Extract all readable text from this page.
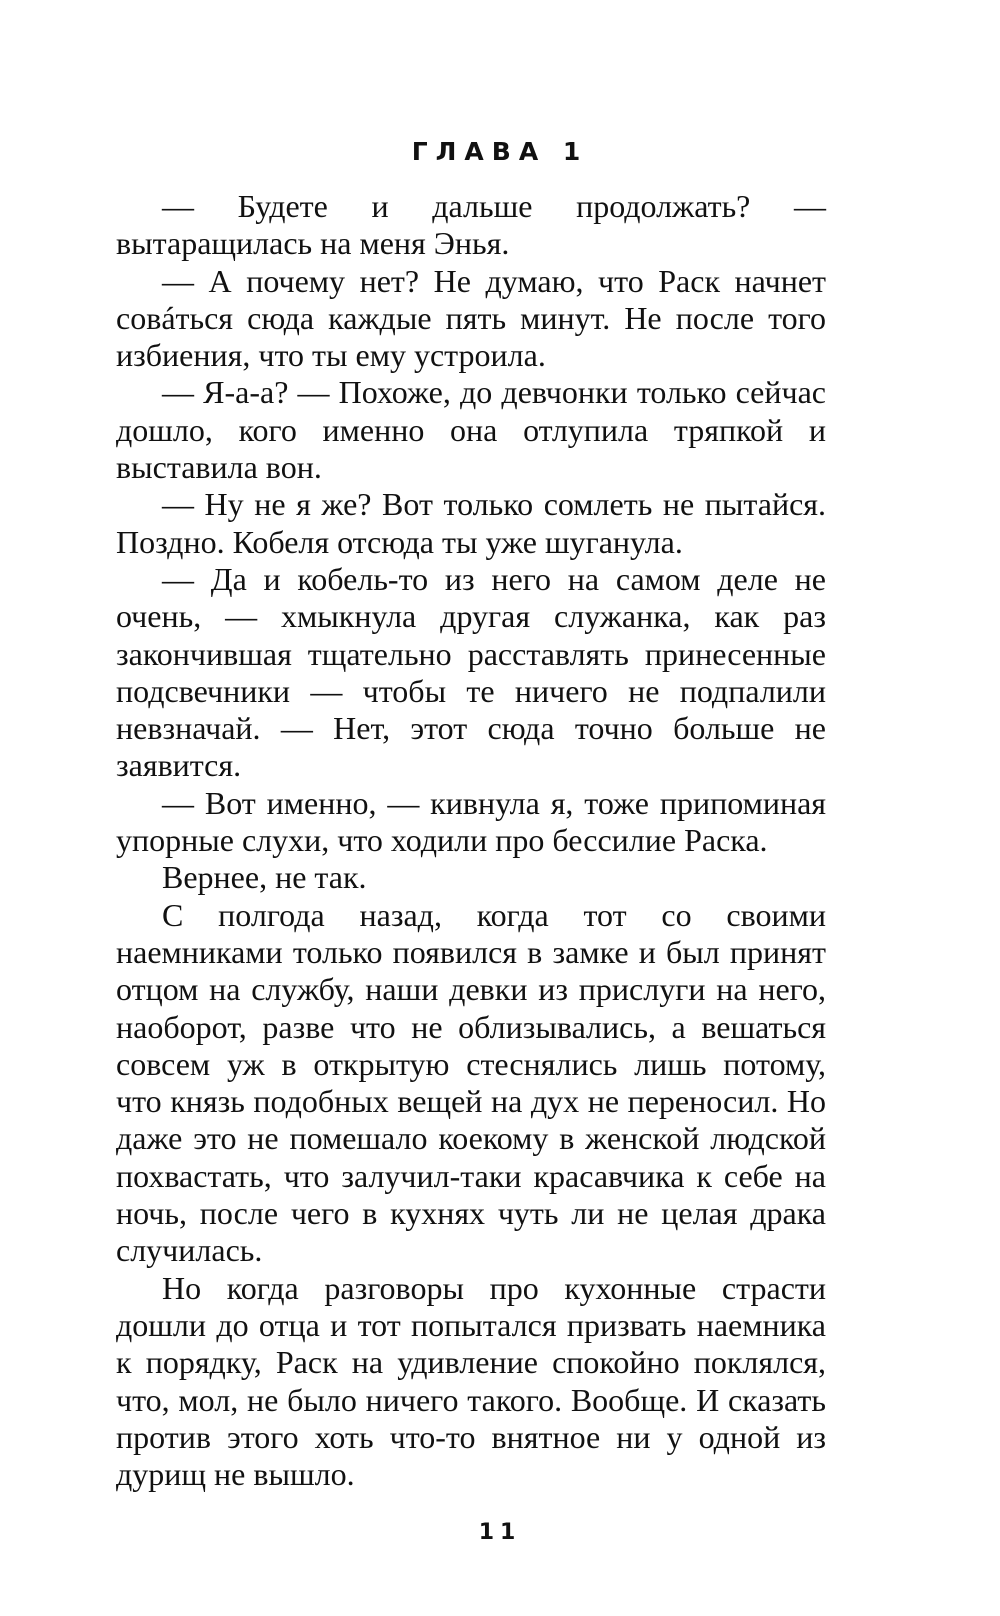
ГЛАВА 1

— Будете и дальше продолжать? — вытаращилась на меня Энья.

— А почему нет? Не думаю, что Раск начнет совáться сюда каждые пять минут. Не после того избиения, что ты ему устроила.

— Я-а-а? — Похоже, до девчонки только сейчас дошло, кого именно она отлупила тряпкой и выставила вон.

— Ну не я же? Вот только сомлеть не пытайся. Поздно. Кобеля отсюда ты уже шуганула.

— Да и кобель-то из него на самом деле не очень, — хмыкнула другая служанка, как раз закончившая тщательно расставлять принесенные подсвечники — чтобы те ничего не подпалили невзначай. — Нет, этот сюда точно больше не заявится.

— Вот именно, — кивнула я, тоже припоминая упорные слухи, что ходили про бессилие Раска.

Вернее, не так.

С полгода назад, когда тот со своими наемниками только появился в замке и был принят отцом на службу, наши девки из прислуги на него, наоборот, разве что не облизывались, а вешаться совсем уж в открытую стеснялись лишь потому, что князь подобных вещей на дух не переносил. Но даже это не помешало коекому в женской людской похвастать, что залучил-таки красавчика к себе на ночь, после чего в кухнях чуть ли не целая драка случилась.

Но когда разговоры про кухонные страсти дошли до отца и тот попытался призвать наемника к порядку, Раск на удивление спокойно поклялся, что, мол, не было ничего такого. Вообще. И сказать против этого хоть что-то внятное ни у одной из дурищ не вышло.

11
